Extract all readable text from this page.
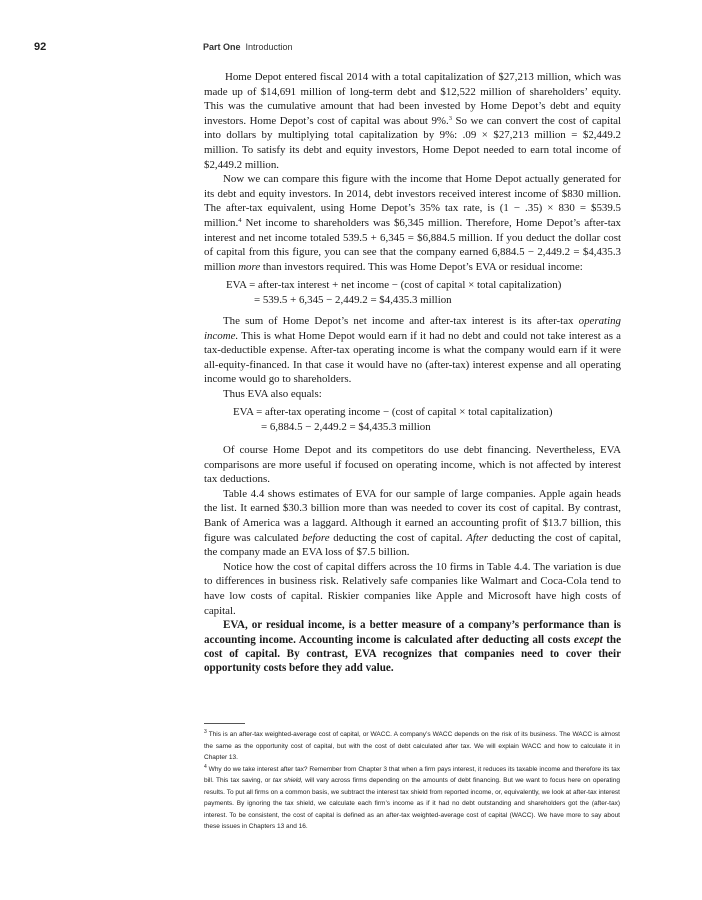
92	Part One Introduction

Home Depot entered fiscal 2014 with a total capitalization of $27,213 million, which was made up of $14,691 million of long-term debt and $12,522 million of shareholders’ equity. This was the cumulative amount that had been invested by Home Depot’s debt and equity investors. Home Depot’s cost of capital was about 9%.$^3$ So we can convert the cost of capital into dollars by multiplying total capitalization by 9%: .09 × $27,213 million = $2,449.2 million. To satisfy its debt and equity investors, Home Depot needed to earn total income of $2,449.2 million.

Now we can compare this figure with the income that Home Depot actually generated for its debt and equity investors. In 2014, debt investors received interest income of $830 million. The after-tax equivalent, using Home Depot’s 35% tax rate, is (1 − .35) × 830 = $539.5 million.$^4$ Net income to shareholders was $6,345 million. Therefore, Home Depot’s after-tax interest and net income totaled 539.5 + 6,345 = $6,884.5 million. If you deduct the dollar cost of capital from this figure, you can see that the company earned 6,884.5 − 2,449.2 = $4,435.3 million more than investors required. This was Home Depot’s EVA or residual income:

EVA = after-tax interest + net income − (cost of capital × total capitalization)
= 539.5 + 6,345 − 2,449.2 = $4,435.3 million

The sum of Home Depot’s net income and after-tax interest is its after-tax operating income. This is what Home Depot would earn if it had no debt and could not take interest as a tax-deductible expense. After-tax operating income is what the company would earn if it were all-equity-financed. In that case it would have no (after-tax) interest expense and all operating income would go to shareholders.

Thus EVA also equals:

EVA = after-tax operating income − (cost of capital × total capitalization)
= 6,884.5 − 2,449.2 = $4,435.3 million

Of course Home Depot and its competitors do use debt financing. Nevertheless, EVA comparisons are more useful if focused on operating income, which is not affected by interest tax deductions.

Table 4.4 shows estimates of EVA for our sample of large companies. Apple again heads the list. It earned $30.3 billion more than was needed to cover its cost of capital. By contrast, Bank of America was a laggard. Although it earned an accounting profit of $13.7 billion, this figure was calculated before deducting the cost of capital. After deducting the cost of capital, the company made an EVA loss of $7.5 billion.

Notice how the cost of capital differs across the 10 firms in Table 4.4. The variation is due to differences in business risk. Relatively safe companies like Walmart and Coca-Cola tend to have low costs of capital. Riskier companies like Apple and Microsoft have high costs of capital.

EVA, or residual income, is a better measure of a company’s performance than is accounting income. Accounting income is calculated after deducting all costs except the cost of capital. By contrast, EVA recognizes that companies need to cover their opportunity costs before they add value.

$^3$ This is an after-tax weighted-average cost of capital, or WACC. A company’s WACC depends on the risk of its business. The WACC is almost the same as the opportunity cost of capital, but with the cost of debt calculated after tax. We will explain WACC and how to calculate it in Chapter 13.

$^4$ Why do we take interest after tax? Remember from Chapter 3 that when a firm pays interest, it reduces its taxable income and therefore its tax bill. This tax saving, or tax shield, will vary across firms depending on the amounts of debt financing. But we want to focus here on operating results. To put all firms on a common basis, we subtract the interest tax shield from reported income, or, equivalently, we look at after-tax interest payments. By ignoring the tax shield, we calculate each firm’s income as if it had no debt outstanding and shareholders got the (after-tax) interest. To be consistent, the cost of capital is defined as an after-tax weighted-average cost of capital (WACC). We have more to say about these issues in Chapters 13 and 16.
